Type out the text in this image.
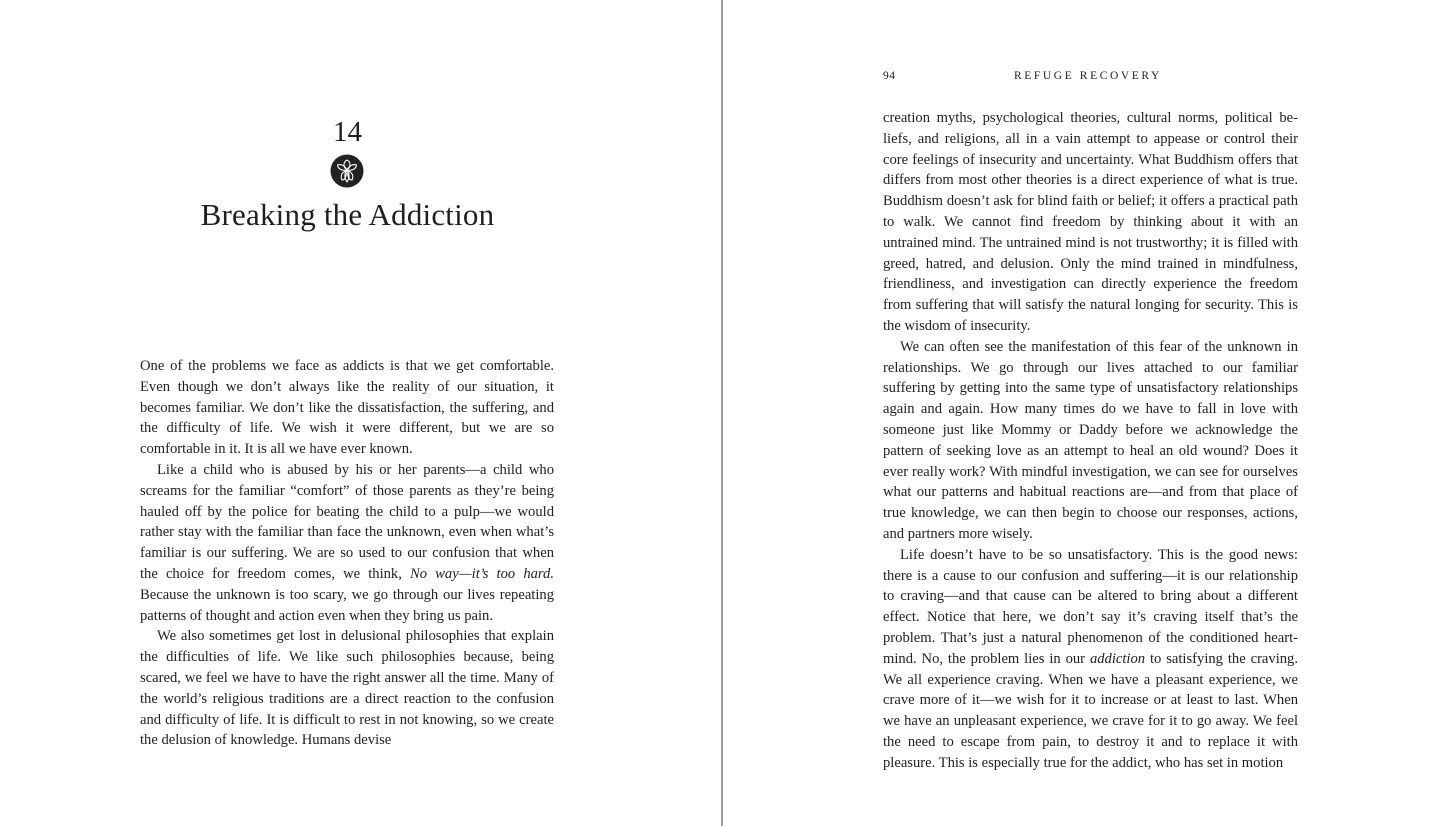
14
Breaking the Addiction

One of the problems we face as addicts is that we get comfortable. Even though we don’t always like the reality of our situation, it becomes familiar. We don’t like the dissatisfaction, the suffering, and the difficulty of life. We wish it were different, but we are so comfortable in it. It is all we have ever known.

Like a child who is abused by his or her parents—a child who screams for the familiar “comfort” of those parents as they’re being hauled off by the police for beating the child to a pulp—we would rather stay with the familiar than face the unknown, even when what’s familiar is our suffering. We are so used to our confusion that when the choice for freedom comes, we think, No way—it’s too hard. Because the unknown is too scary, we go through our lives repeating patterns of thought and action even when they bring us pain.

We also sometimes get lost in delusional philosophies that explain the difficulties of life. We like such philosophies because, being scared, we feel we have to have the right answer all the time. Many of the world’s religious traditions are a direct reaction to the confusion and difficulty of life. It is difficult to rest in not knowing, so we create the delusion of knowledge. Humans devise

94	REFUGE RECOVERY

creation myths, psychological theories, cultural norms, political beliefs, and religions, all in a vain attempt to appease or control their core feelings of insecurity and uncertainty. What Buddhism offers that differs from most other theories is a direct experience of what is true. Buddhism doesn’t ask for blind faith or belief; it offers a practical path to walk. We cannot find freedom by thinking about it with an untrained mind. The untrained mind is not trustworthy; it is filled with greed, hatred, and delusion. Only the mind trained in mindfulness, friendliness, and investigation can directly experience the freedom from suffering that will satisfy the natural longing for security. This is the wisdom of insecurity.

We can often see the manifestation of this fear of the unknown in relationships. We go through our lives attached to our familiar suffering by getting into the same type of unsatisfactory relationships again and again. How many times do we have to fall in love with someone just like Mommy or Daddy before we acknowledge the pattern of seeking love as an attempt to heal an old wound? Does it ever really work? With mindful investigation, we can see for ourselves what our patterns and habitual reactions are—and from that place of true knowledge, we can then begin to choose our responses, actions, and partners more wisely.

Life doesn’t have to be so unsatisfactory. This is the good news: there is a cause to our confusion and suffering—it is our relationship to craving—and that cause can be altered to bring about a different effect. Notice that here, we don’t say it’s craving itself that’s the problem. That’s just a natural phenomenon of the conditioned heart-mind. No, the problem lies in our addiction to satisfying the craving. We all experience craving. When we have a pleasant experience, we crave more of it—we wish for it to increase or at least to last. When we have an unpleasant experience, we crave for it to go away. We feel the need to escape from pain, to destroy it and to replace it with pleasure. This is especially true for the addict, who has set in motion
